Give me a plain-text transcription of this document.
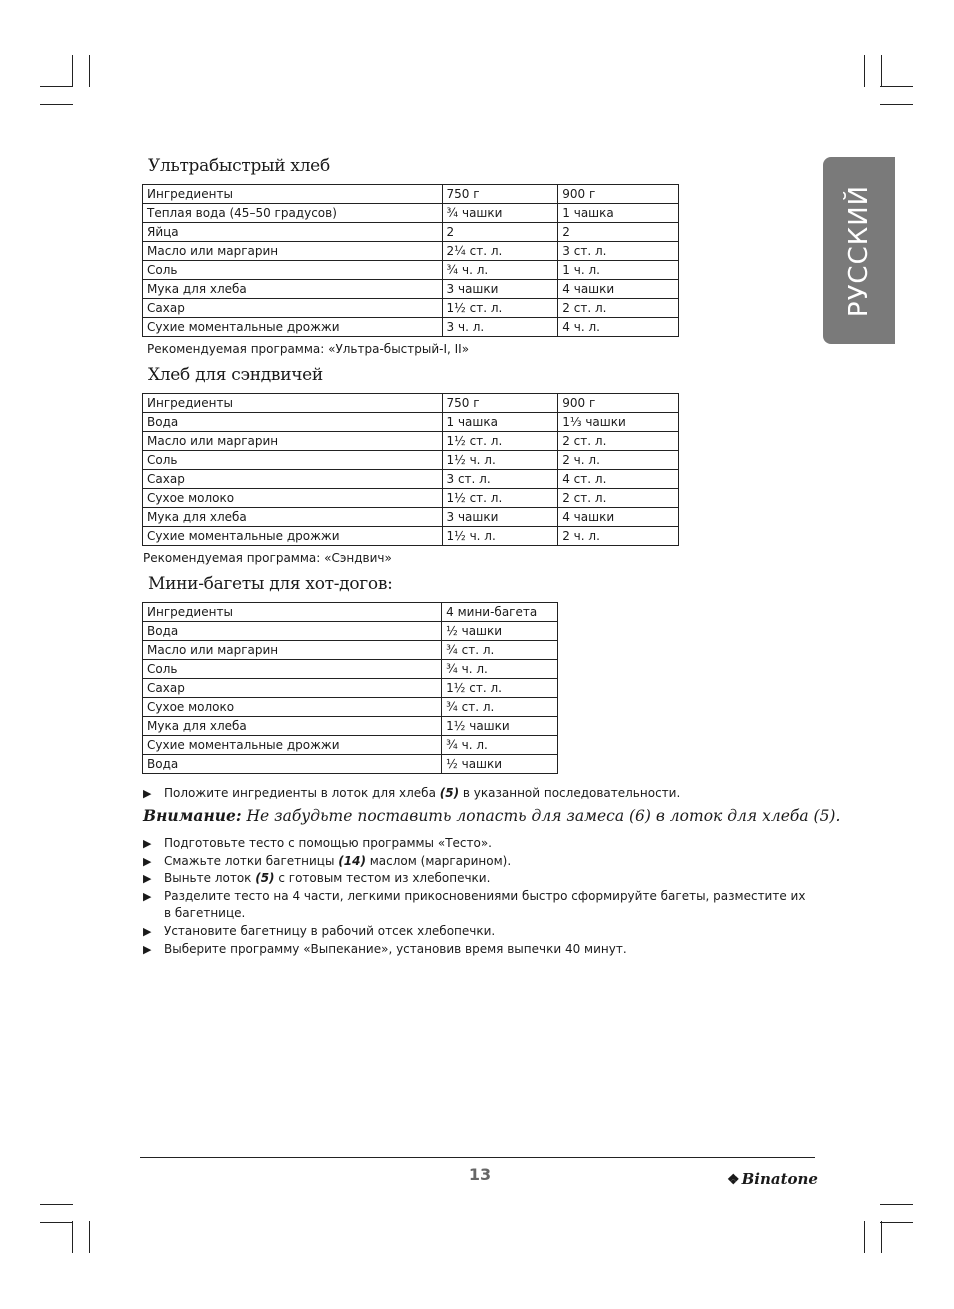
РУССКИЙ
Ультрабыстрый хлеб
Ингредиенты	750 г	900 г
Теплая вода (45–50 градусов)	¾ чашки	1 чашка
Яйца	2	2
Масло или маргарин	2¼ ст. л.	3 ст. л.
Соль	¾ ч. л.	1 ч. л.
Мука для хлеба	3 чашки	4 чашки
Сахар	1½ ст. л.	2 ст. л.
Сухие моментальные дрожжи	3 ч. л.	4 ч. л.
Рекомендуемая программа: «Ультра-быстрый-I, II»
Хлеб для сэндвичей
Ингредиенты	750 г	900 г
Вода	1 чашка	1⅓ чашки
Масло или маргарин	1½ ст. л.	2 ст. л.
Соль	1½ ч. л.	2 ч. л.
Сахар	3 ст. л.	4 ст. л.
Сухое молоко	1½ ст. л.	2 ст. л.
Мука для хлеба	3 чашки	4 чашки
Сухие моментальные дрожжи	1½ ч. л.	2 ч. л.
Рекомендуемая программа: «Сэндвич»
Мини-багеты для хот-догов:
Ингредиенты	4 мини-багета
Вода	½ чашки
Масло или маргарин	¾ ст. л.
Соль	¾ ч. л.
Сахар	1½ ст. л.
Сухое молоко	¾ ст. л.
Мука для хлеба	1½ чашки
Сухие моментальные дрожжи	¾ ч. л.
Вода	½ чашки
▶	Положите ингредиенты в лоток для хлеба (5) в указанной последовательности.
Внимание: Не забудьте поставить лопасть для замеса (6) в лоток для хлеба (5).
▶	Подготовьте тесто с помощью программы «Тесто».
▶	Смажьте лотки багетницы (14) маслом (маргарином).
▶	Выньте лоток (5) с готовым тестом из хлебопечки.
▶	Разделите тесто на 4 части, легкими прикосновениями быстро сформируйте багеты, разместите их в багетнице.
▶	Установите багетницу в рабочий отсек хлебопечки.
▶	Выберите программу «Выпекание», установив время выпечки 40 минут.
13	❖ Binatone
